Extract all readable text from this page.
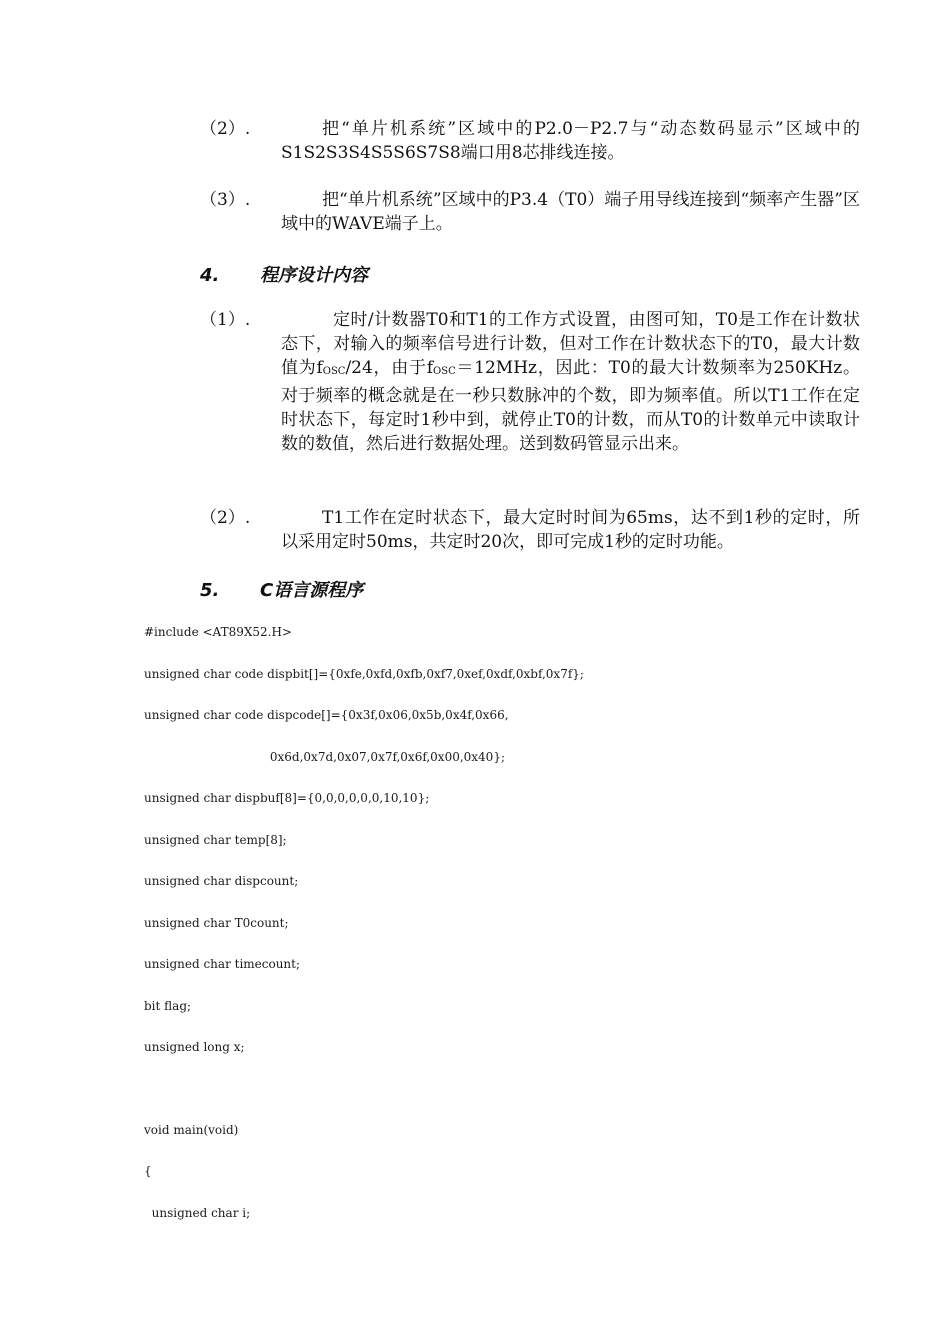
（2）.	把“单片机系统”区域中的P2.0－P2.7与“动态数码显示”区域中的S1S2S3S4S5S6S7S8端口用8芯排线连接。
（3）.	把“单片机系统”区域中的P3.4（T0）端子用导线连接到“频率产生器”区域中的WAVE端子上。
4. 程序设计内容
（1）.	定时/计数器T0和T1的工作方式设置，由图可知，T0是工作在计数状态下，对输入的频率信号进行计数，但对工作在计数状态下的T0，最大计数值为$f_{OSC}/24$，由于$f_{OSC}=12MHz$，因此：T0的最大计数频率为250KHz。对于频率的概念就是在一秒只数脉冲的个数，即为频率值。所以T1工作在定时状态下，每定时1秒中到，就停止T0的计数，而从T0的计数单元中读取计数的数值，然后进行数据处理。送到数码管显示出来。
（2）.	T1工作在定时状态下，最大定时时间为65ms，达不到1秒的定时，所以采用定时50ms，共定时20次，即可完成1秒的定时功能。
5. C语言源程序
#include <AT89X52.H>
unsigned char code dispbit[]={0xfe,0xfd,0xfb,0xf7,0xef,0xdf,0xbf,0x7f};
unsigned char code dispcode[]={0x3f,0x06,0x5b,0x4f,0x66,
0x6d,0x7d,0x07,0x7f,0x6f,0x00,0x40};
unsigned char dispbuf[8]={0,0,0,0,0,0,10,10};
unsigned char temp[8];
unsigned char dispcount;
unsigned char T0count;
unsigned char timecount;
bit flag;
unsigned long x;
void main(void)
{
unsigned char i;
